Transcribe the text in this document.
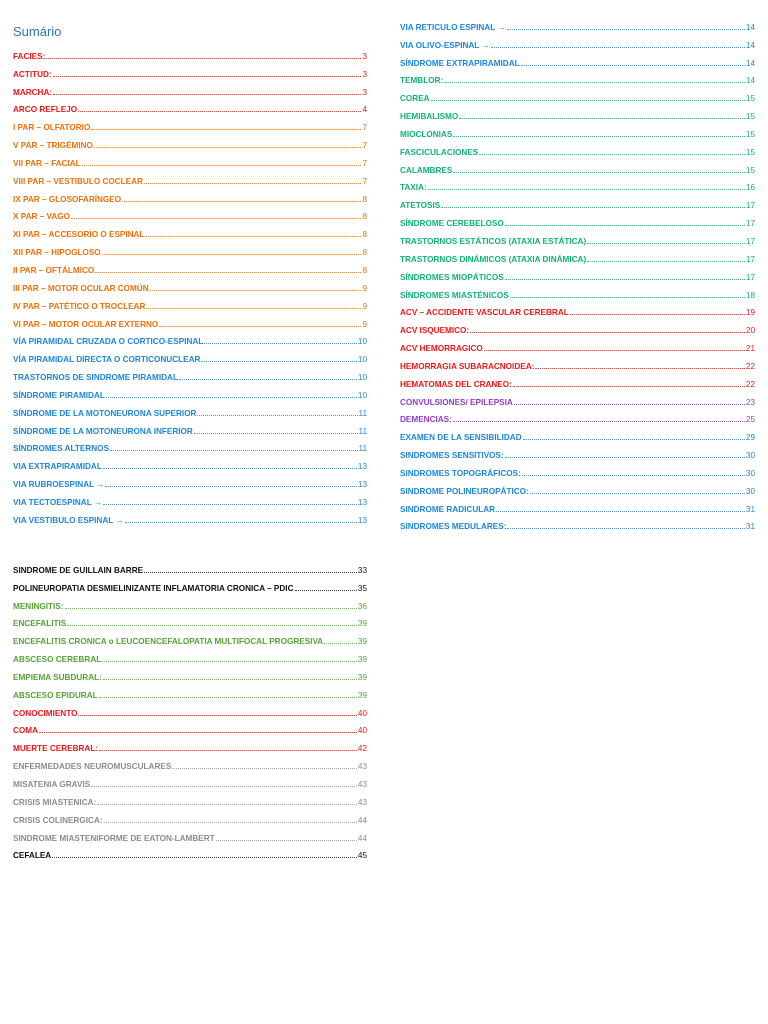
Sumário
FACIES:	3
ACTITUD:	3
MARCHA:	3
ARCO REFLEJO	4
I PAR – OLFATORIO	7
V PAR – TRIGÉMINO	7
VII PAR – FACIAL	7
VIII PAR – VESTIBULO COCLEAR	7
IX PAR – GLOSOFARÍNGEO	8
X PAR – VAGO	8
XI PAR – ACCESORIO O ESPINAL	8
XII PAR – HIPOGLOSO	8
II PAR – OFTÁLMICO	8
III PAR – MOTOR OCULAR COMÚN	9
IV PAR – PATÉTICO O TROCLEAR	9
VI PAR – MOTOR OCULAR EXTERNO	9
VÍA PIRAMIDAL CRUZADA O CORTICO-ESPINAL	10
VÍA PIRAMIDAL DIRECTA O CORTICONUCLEAR	10
TRASTORNOS DE SINDROME PIRAMIDAL	10
SÍNDROME PIRAMIDAL	10
SÍNDROME DE LA MOTONEURONA SUPERIOR	11
SÍNDROME DE LA MOTONEURONA INFERIOR	11
SÍNDROMES ALTERNOS	11
VIA EXTRAPIRAMIDAL	13
VIA RUBROESPINAL →	13
VIA TECTOESPINAL →	13
VIA VESTIBULO ESPINAL →	13
SINDROME DE GUILLAIN BARRE	33
POLINEUROPATIA DESMIELINIZANTE INFLAMATORIA CRONICA – PDIC	35
MENINGITIS:	36
ENCEFALITIS	39
ENCEFALITIS CRONICA o LEUCOENCEFALOPATIA MULTIFOCAL PROGRESIVA	39
ABSCESO CEREBRAL	39
EMPIEMA SUBDURAL:	39
ABSCESO EPIDURAL	39
CONOCIMIENTO	40
COMA	40
MUERTE CEREBRAL:	42
ENFERMEDADES NEUROMUSCULARES	43
MISATENIA GRAVIS	43
CRISIS MIASTENICA:	43
CRISIS COLINERGICA:	44
SINDROME MIASTENIFORME DE EATON-LAMBERT	44
CEFALEA	45
VIA RETICULO ESPINAL →	14
VIA OLIVO-ESPINAL →	14
SÍNDROME EXTRAPIRAMIDAL	14
TEMBLOR:	14
COREA	15
HEMIBALISMO	15
MIOCLONIAS	15
FASCICULACIONES	15
CALAMBRES	15
TAXIA:	16
ATETOSIS	17
SÍNDROME CEREBELOSO	17
TRASTORNOS ESTÁTICOS (ATAXIA ESTÁTICA)	17
TRASTORNOS DINÁMICOS (ATAXIA DINÁMICA)	17
SÍNDROMES MIOPÁTICOS	17
SÍNDROMES MIASTÉNICOS	18
ACV – ACCIDENTE VASCULAR CEREBRAL	19
ACV ISQUEMICO:	20
ACV HEMORRAGICO	21
HEMORRAGIA SUBARACNOIDEA:	22
HEMATOMAS DEL CRANEO:	22
CONVULSIONES/ EPILEPSIA	23
DEMENCIAS:	25
EXAMEN DE LA SENSIBILIDAD	29
SINDROMES SENSITIVOS:	30
SINDROMES TOPOGRÁFICOS:	30
SINDROME POLINEUROPÁTICO:	30
SINDROME RADICULAR	31
SINDROMES MEDULARES:	31
